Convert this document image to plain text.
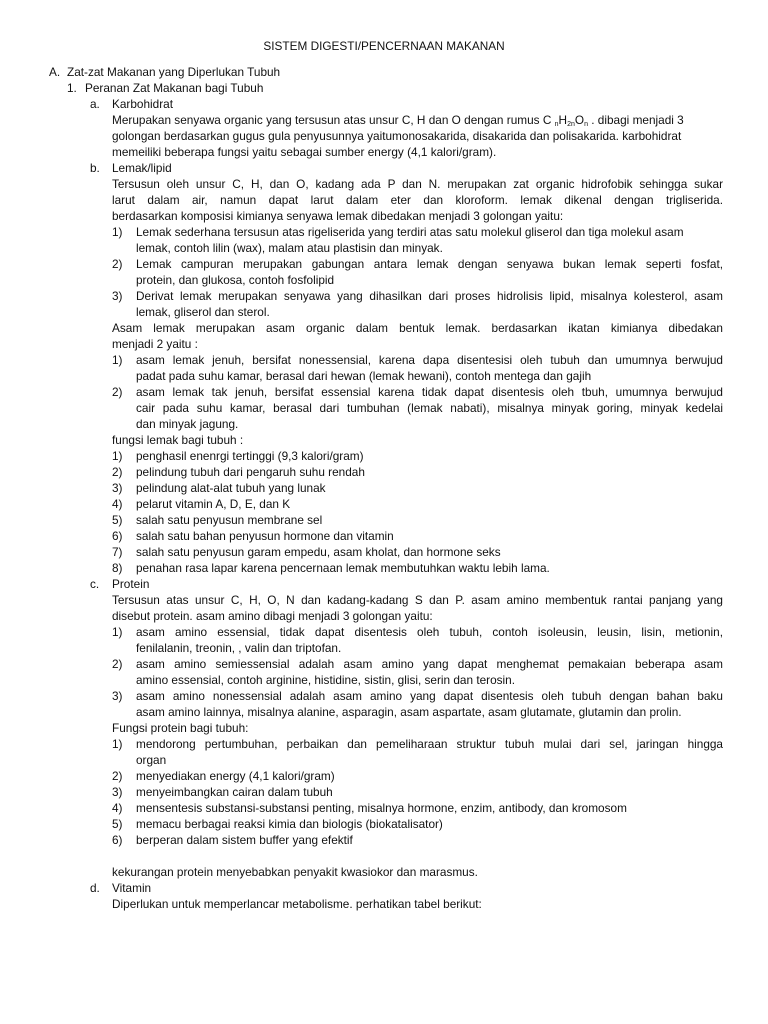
SISTEM DIGESTI/PENCERNAAN MAKANAN
A. Zat-zat Makanan yang Diperlukan Tubuh
1. Peranan Zat Makanan bagi Tubuh
a. Karbohidrat
Merupakan senyawa organic yang tersusun atas unsur C, H dan O dengan rumus C $_nH_{2n}O_n$ . dibagi menjadi 3
golongan berdasarkan gugus gula penyusunnya yaitumonosakarida, disakarida dan polisakarida. karbohidrat
memeiliki beberapa fungsi yaitu sebagai sumber energy (4,1 kalori/gram).
b. Lemak/lipid
Tersusun oleh unsur C, H, dan O, kadang ada P dan N. merupakan zat organic hidrofobik sehingga sukar
larut dalam air, namun dapat larut dalam eter dan kloroform. lemak dikenal dengan trigliserida.
berdasarkan komposisi kimianya senyawa lemak dibedakan menjadi 3 golongan yaitu:
1) Lemak sederhana tersusun atas rigeliserida yang terdiri atas satu molekul gliserol dan tiga molekul asam
lemak, contoh lilin (wax), malam atau plastisin dan minyak.
2) Lemak campuran merupakan gabungan antara lemak dengan senyawa bukan lemak seperti fosfat,
protein, dan glukosa, contoh fosfolipid
3) Derivat lemak merupakan senyawa yang dihasilkan dari proses hidrolisis lipid, misalnya kolesterol, asam
lemak, gliserol dan sterol.
Asam lemak merupakan asam organic dalam bentuk lemak. berdasarkan ikatan kimianya dibedakan
menjadi 2 yaitu :
1) asam lemak jenuh, bersifat nonessensial, karena dapa disentesisi oleh tubuh dan umumnya berwujud
padat pada suhu kamar, berasal dari hewan (lemak hewani), contoh mentega dan gajih
2) asam lemak tak jenuh, bersifat essensial karena tidak dapat disentesis oleh tbuh, umumnya berwujud
cair pada suhu kamar, berasal dari tumbuhan (lemak nabati), misalnya minyak goring, minyak kedelai
dan minyak jagung.
fungsi lemak bagi tubuh :
1) penghasil enenrgi tertinggi (9,3 kalori/gram)
2) pelindung tubuh dari pengaruh suhu rendah
3) pelindung alat-alat tubuh yang lunak
4) pelarut vitamin A, D, E, dan K
5) salah satu penyusun membrane sel
6) salah satu bahan penyusun hormone dan vitamin
7) salah satu penyusun garam empedu, asam kholat, dan hormone seks
8) penahan rasa lapar karena pencernaan lemak membutuhkan waktu lebih lama.
c. Protein
Tersusun atas unsur C, H, O, N dan kadang-kadang S dan P. asam amino membentuk rantai panjang yang
disebut protein. asam amino dibagi menjadi 3 golongan yaitu:
1) asam amino essensial, tidak dapat disentesis oleh tubuh, contoh isoleusin, leusin, lisin, metionin,
fenilalanin, treonin, , valin dan triptofan.
2) asam amino semiessensial adalah asam amino yang dapat menghemat pemakaian beberapa asam
amino essensial, contoh arginine, histidine, sistin, glisi, serin dan terosin.
3) asam amino nonessensial adalah asam amino yang dapat disentesis oleh tubuh dengan bahan baku
asam amino lainnya, misalnya alanine, asparagin, asam aspartate, asam glutamate, glutamin dan prolin.
Fungsi protein bagi tubuh:
1) mendorong pertumbuhan, perbaikan dan pemeliharaan struktur tubuh mulai dari sel, jaringan hingga
organ
2) menyediakan energy (4,1 kalori/gram)
3) menyeimbangkan cairan dalam tubuh
4) mensentesis substansi-substansi penting, misalnya hormone, enzim, antibody, dan kromosom
5) memacu berbagai reaksi kimia dan biologis (biokatalisator)
6) berperan dalam sistem buffer yang efektif
kekurangan protein menyebabkan penyakit kwasiokor dan marasmus.
d. Vitamin
Diperlukan untuk memperlancar metabolisme. perhatikan tabel berikut:
